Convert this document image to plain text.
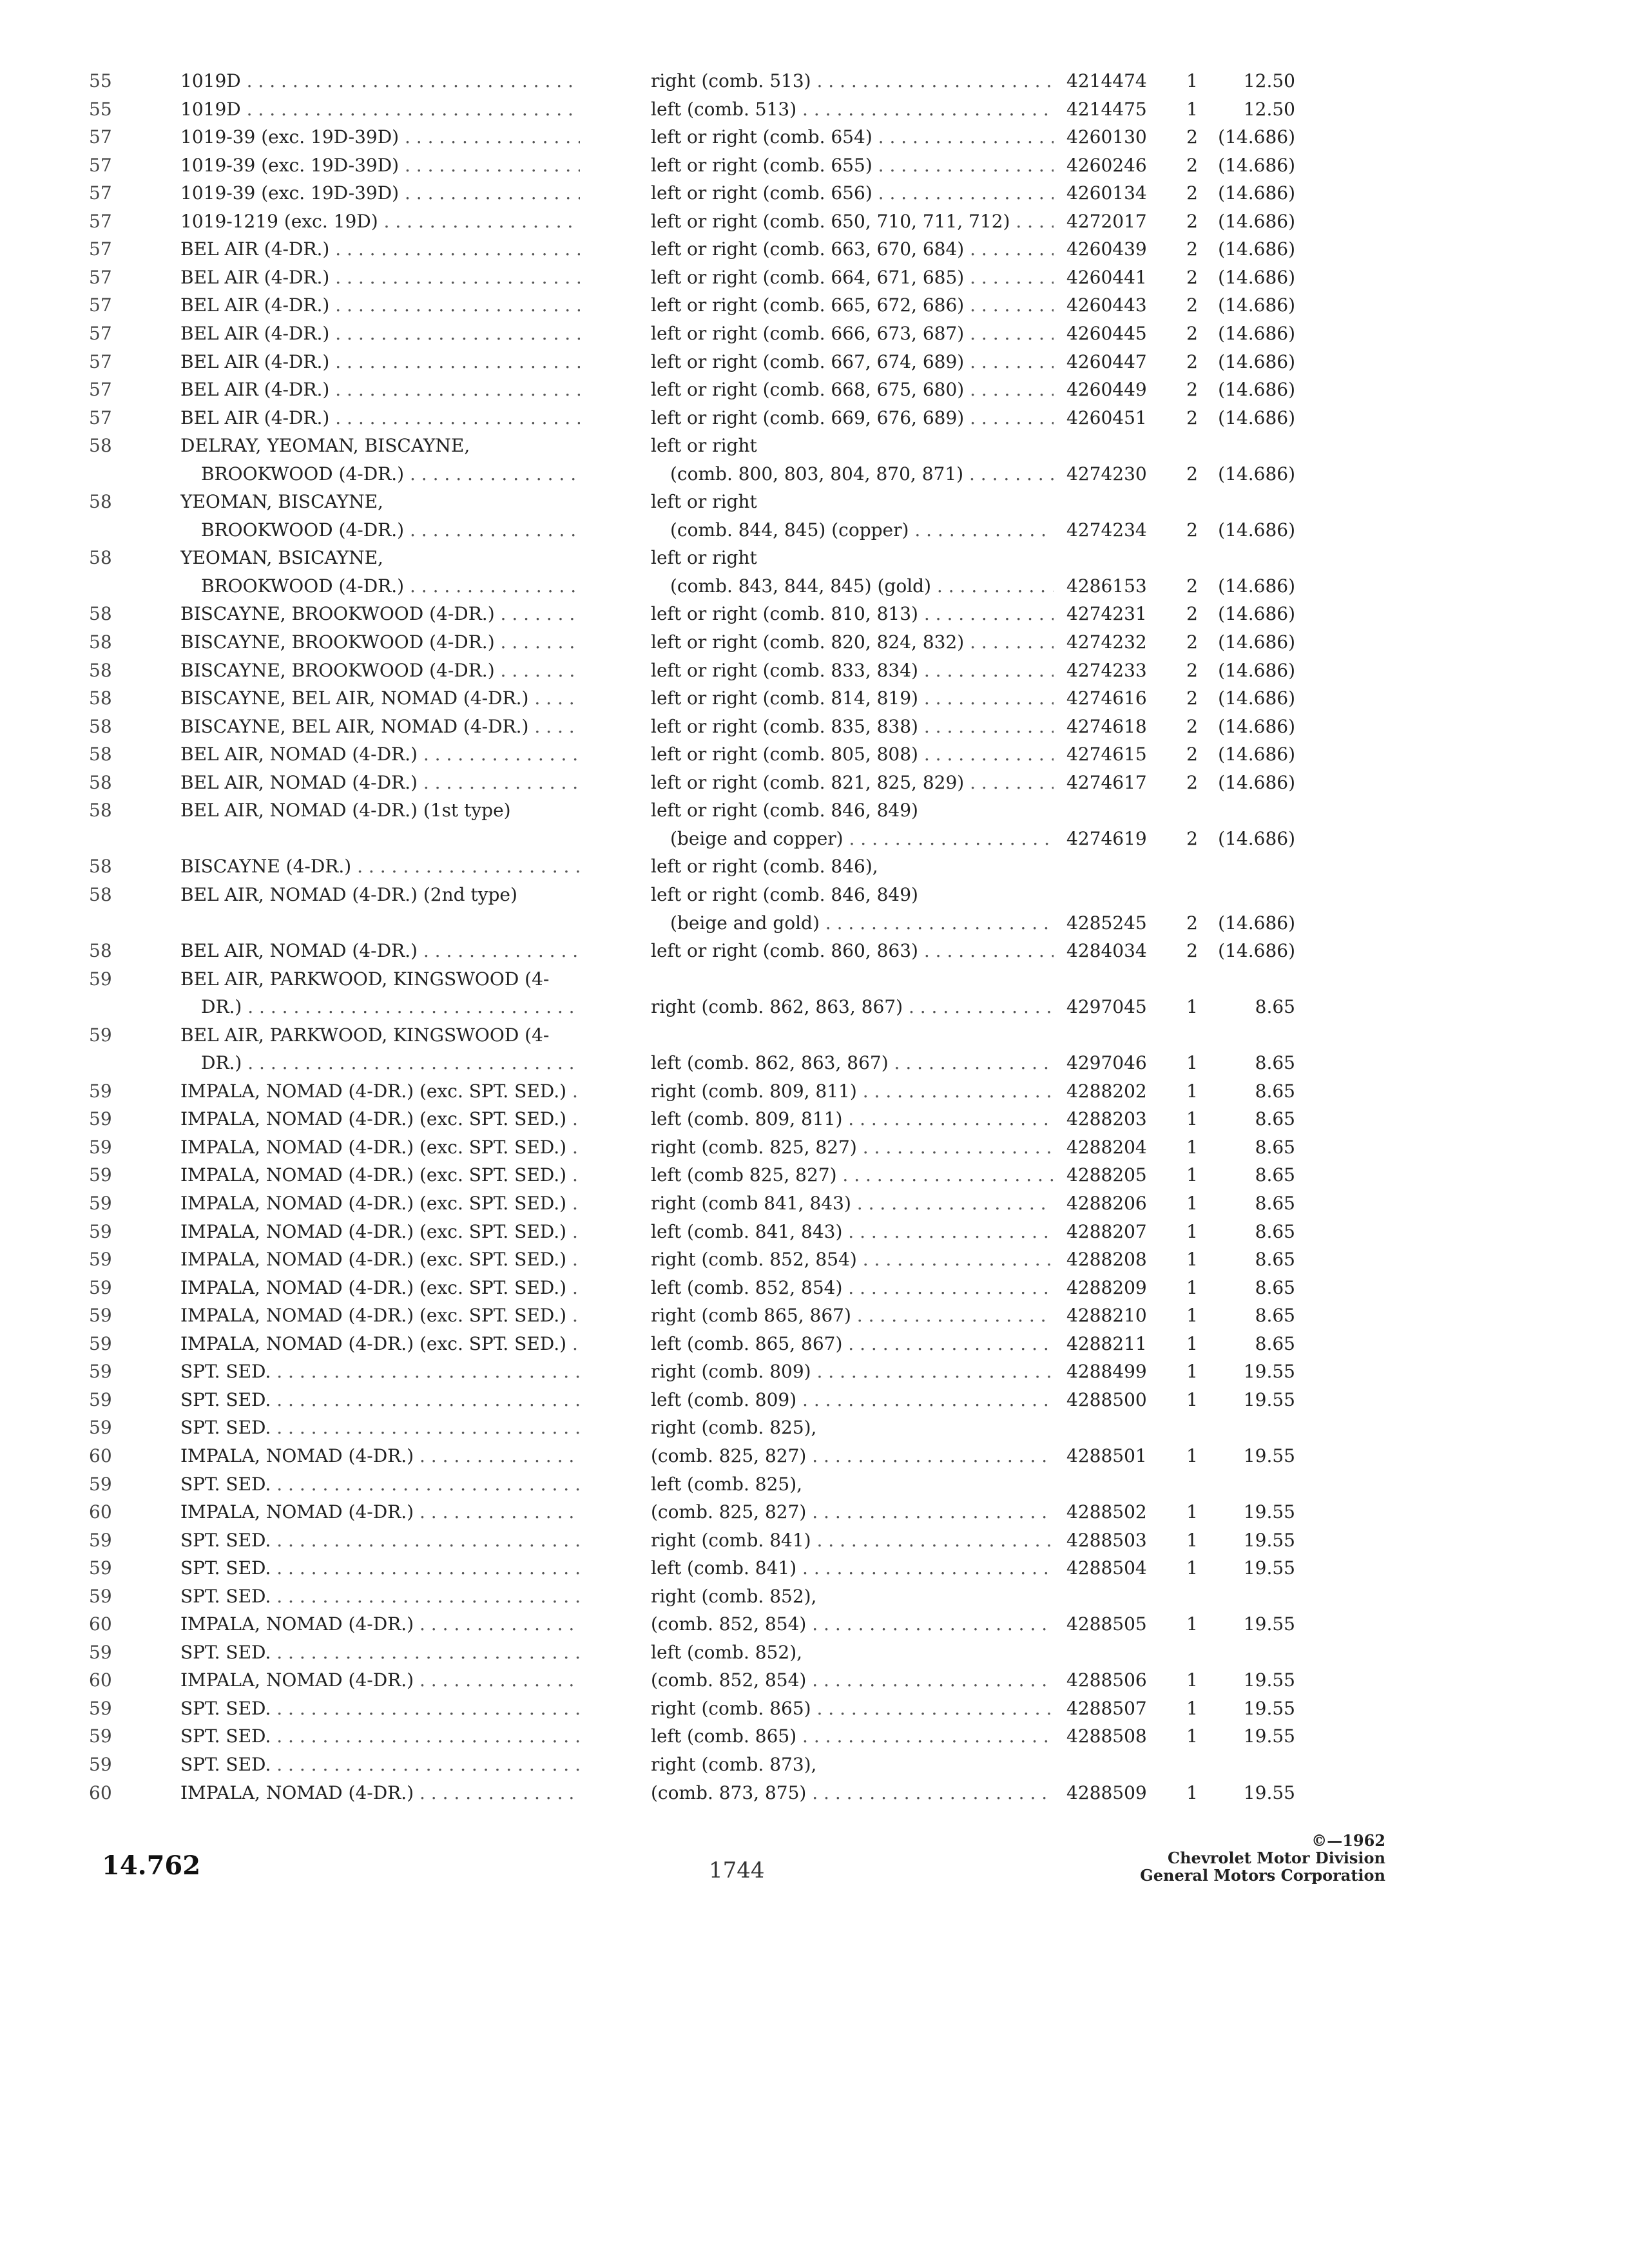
55	1019D . . .	right (comb. 513) . . .	4214474	1	12.50
55	1019D . . .	left (comb. 513) . . .	4214475	1	12.50
57	1019-39 (exc. 19D-39D) . . .	left or right (comb. 654) . . .	4260130	2	(14.686)
57	1019-39 (exc. 19D-39D) . . .	left or right (comb. 655) . . .	4260246	2	(14.686)
57	1019-39 (exc. 19D-39D) . . .	left or right (comb. 656) . . .	4260134	2	(14.686)
57	1019-1219 (exc. 19D) . . .	left or right (comb. 650, 710, 711, 712) . . .	4272017	2	(14.686)
57	BEL AIR (4-DR.) . . .	left or right (comb. 663, 670, 684) . . .	4260439	2	(14.686)
57	BEL AIR (4-DR.) . . .	left or right (comb. 664, 671, 685) . . .	4260441	2	(14.686)
57	BEL AIR (4-DR.) . . .	left or right (comb. 665, 672, 686) . . .	4260443	2	(14.686)
57	BEL AIR (4-DR.) . . .	left or right (comb. 666, 673, 687) . . .	4260445	2	(14.686)
57	BEL AIR (4-DR.) . . .	left or right (comb. 667, 674, 689) . . .	4260447	2	(14.686)
57	BEL AIR (4-DR.) . . .	left or right (comb. 668, 675, 680) . . .	4260449	2	(14.686)
57	BEL AIR (4-DR.) . . .	left or right (comb. 669, 676, 689) . . .	4260451	2	(14.686)
58	DELRAY, YEOMAN, BISCAYNE,	left or right
BROOKWOOD (4-DR.) . . .	(comb. 800, 803, 804, 870, 871) . . .	4274230	2	(14.686)
58	YEOMAN, BISCAYNE,	left or right
BROOKWOOD (4-DR.) . . .	(comb. 844, 845) (copper) . . .	4274234	2	(14.686)
58	YEOMAN, BSICAYNE,	left or right
BROOKWOOD (4-DR.) . . .	(comb. 843, 844, 845) (gold) . . .	4286153	2	(14.686)
58	BISCAYNE, BROOKWOOD (4-DR.) . . .	left or right (comb. 810, 813) . . .	4274231	2	(14.686)
58	BISCAYNE, BROOKWOOD (4-DR.) . . .	left or right (comb. 820, 824, 832) . . .	4274232	2	(14.686)
58	BISCAYNE, BROOKWOOD (4-DR.) . . .	left or right (comb. 833, 834) . . .	4274233	2	(14.686)
58	BISCAYNE, BEL AIR, NOMAD (4-DR.) . . .	left or right (comb. 814, 819) . . .	4274616	2	(14.686)
58	BISCAYNE, BEL AIR, NOMAD (4-DR.) . . .	left or right (comb. 835, 838) . . .	4274618	2	(14.686)
58	BEL AIR, NOMAD (4-DR.) . . .	left or right (comb. 805, 808) . . .	4274615	2	(14.686)
58	BEL AIR, NOMAD (4-DR.) . . .	left or right (comb. 821, 825, 829) . . .	4274617	2	(14.686)
58	BEL AIR, NOMAD (4-DR.) (1st type)	left or right (comb. 846, 849)
(beige and copper) . . .	4274619	2	(14.686)
58	BISCAYNE (4-DR.) . . .	left or right (comb. 846),
58	BEL AIR, NOMAD (4-DR.) (2nd type)	left or right (comb. 846, 849)
(beige and gold) . . .	4285245	2	(14.686)
58	BEL AIR, NOMAD (4-DR.) . . .	left or right (comb. 860, 863) . . .	4284034	2	(14.686)
59	BEL AIR, PARKWOOD, KINGSWOOD (4-
DR.) . . .	right (comb. 862, 863, 867) . . .	4297045	1	8.65
59	BEL AIR, PARKWOOD, KINGSWOOD (4-
DR.) . . .	left (comb. 862, 863, 867) . . .	4297046	1	8.65
59	IMPALA, NOMAD (4-DR.) (exc. SPT. SED.) . . .	right (comb. 809, 811) . . .	4288202	1	8.65
59	IMPALA, NOMAD (4-DR.) (exc. SPT. SED.) . . .	left (comb. 809, 811) . . .	4288203	1	8.65
59	IMPALA, NOMAD (4-DR.) (exc. SPT. SED.) . . .	right (comb. 825, 827) . . .	4288204	1	8.65
59	IMPALA, NOMAD (4-DR.) (exc. SPT. SED.) . . .	left (comb 825, 827) . . .	4288205	1	8.65
59	IMPALA, NOMAD (4-DR.) (exc. SPT. SED.) . . .	right (comb 841, 843) . . .	4288206	1	8.65
59	IMPALA, NOMAD (4-DR.) (exc. SPT. SED.) . . .	left (comb. 841, 843) . . .	4288207	1	8.65
59	IMPALA, NOMAD (4-DR.) (exc. SPT. SED.) . . .	right (comb. 852, 854) . . .	4288208	1	8.65
59	IMPALA, NOMAD (4-DR.) (exc. SPT. SED.) . . .	left (comb. 852, 854) . . .	4288209	1	8.65
59	IMPALA, NOMAD (4-DR.) (exc. SPT. SED.) . . .	right (comb 865, 867) . . .	4288210	1	8.65
59	IMPALA, NOMAD (4-DR.) (exc. SPT. SED.) . . .	left (comb. 865, 867) . . .	4288211	1	8.65
59	SPT. SED. . . .	right (comb. 809) . . .	4288499	1	19.55
59	SPT. SED. . . .	left (comb. 809) . . .	4288500	1	19.55
59	SPT. SED. . . .	right (comb. 825),
60	IMPALA, NOMAD (4-DR.) . . .	(comb. 825, 827) . . .	4288501	1	19.55
59	SPT. SED. . . .	left (comb. 825),
60	IMPALA, NOMAD (4-DR.) . . .	(comb. 825, 827) . . .	4288502	1	19.55
59	SPT. SED. . . .	right (comb. 841) . . .	4288503	1	19.55
59	SPT. SED. . . .	left (comb. 841) . . .	4288504	1	19.55
59	SPT. SED. . . .	right (comb. 852),
60	IMPALA, NOMAD (4-DR.) . . .	(comb. 852, 854) . . .	4288505	1	19.55
59	SPT. SED. . . .	left (comb. 852),
60	IMPALA, NOMAD (4-DR.) . . .	(comb. 852, 854) . . .	4288506	1	19.55
59	SPT. SED. . . .	right (comb. 865) . . .	4288507	1	19.55
59	SPT. SED. . . .	left (comb. 865) . . .	4288508	1	19.55
59	SPT. SED. . . .	right (comb. 873),
60	IMPALA, NOMAD (4-DR.) . . .	(comb. 873, 875) . . .	4288509	1	19.55
14.762	1744
©—1962
Chevrolet Motor Division
General Motors Corporation
